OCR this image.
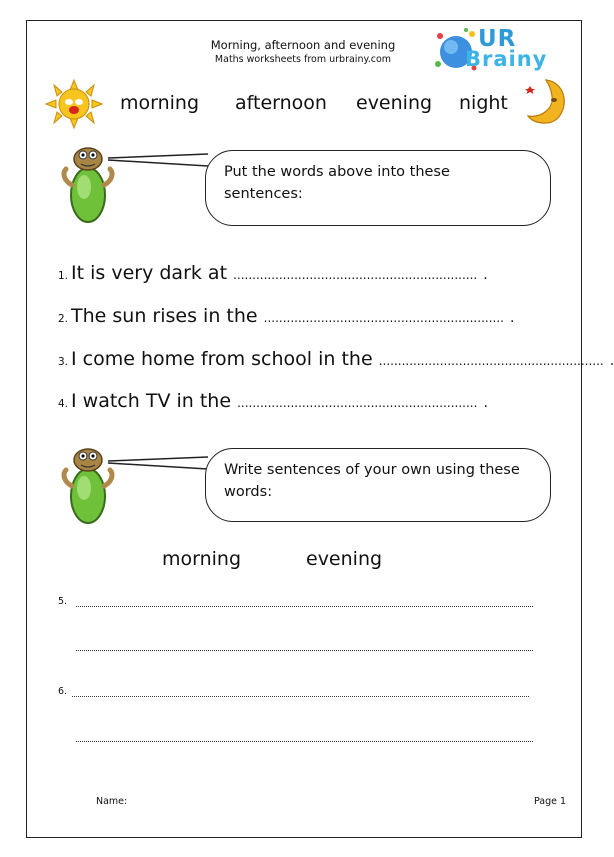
Morning, afternoon and evening
Maths worksheets from urbrainy.com
UR
Brainy
morning afternoon evening night
Put the words above into these sentences:
1. It is very dark at ................................................................ .
2. The sun rises in the ............................................................... .
3. I come home from school in the ........................................................... .
4. I watch TV in the ............................................................... .
Write sentences of your own using these words:
morning	evening
5.
6.
Name:	Page 1
